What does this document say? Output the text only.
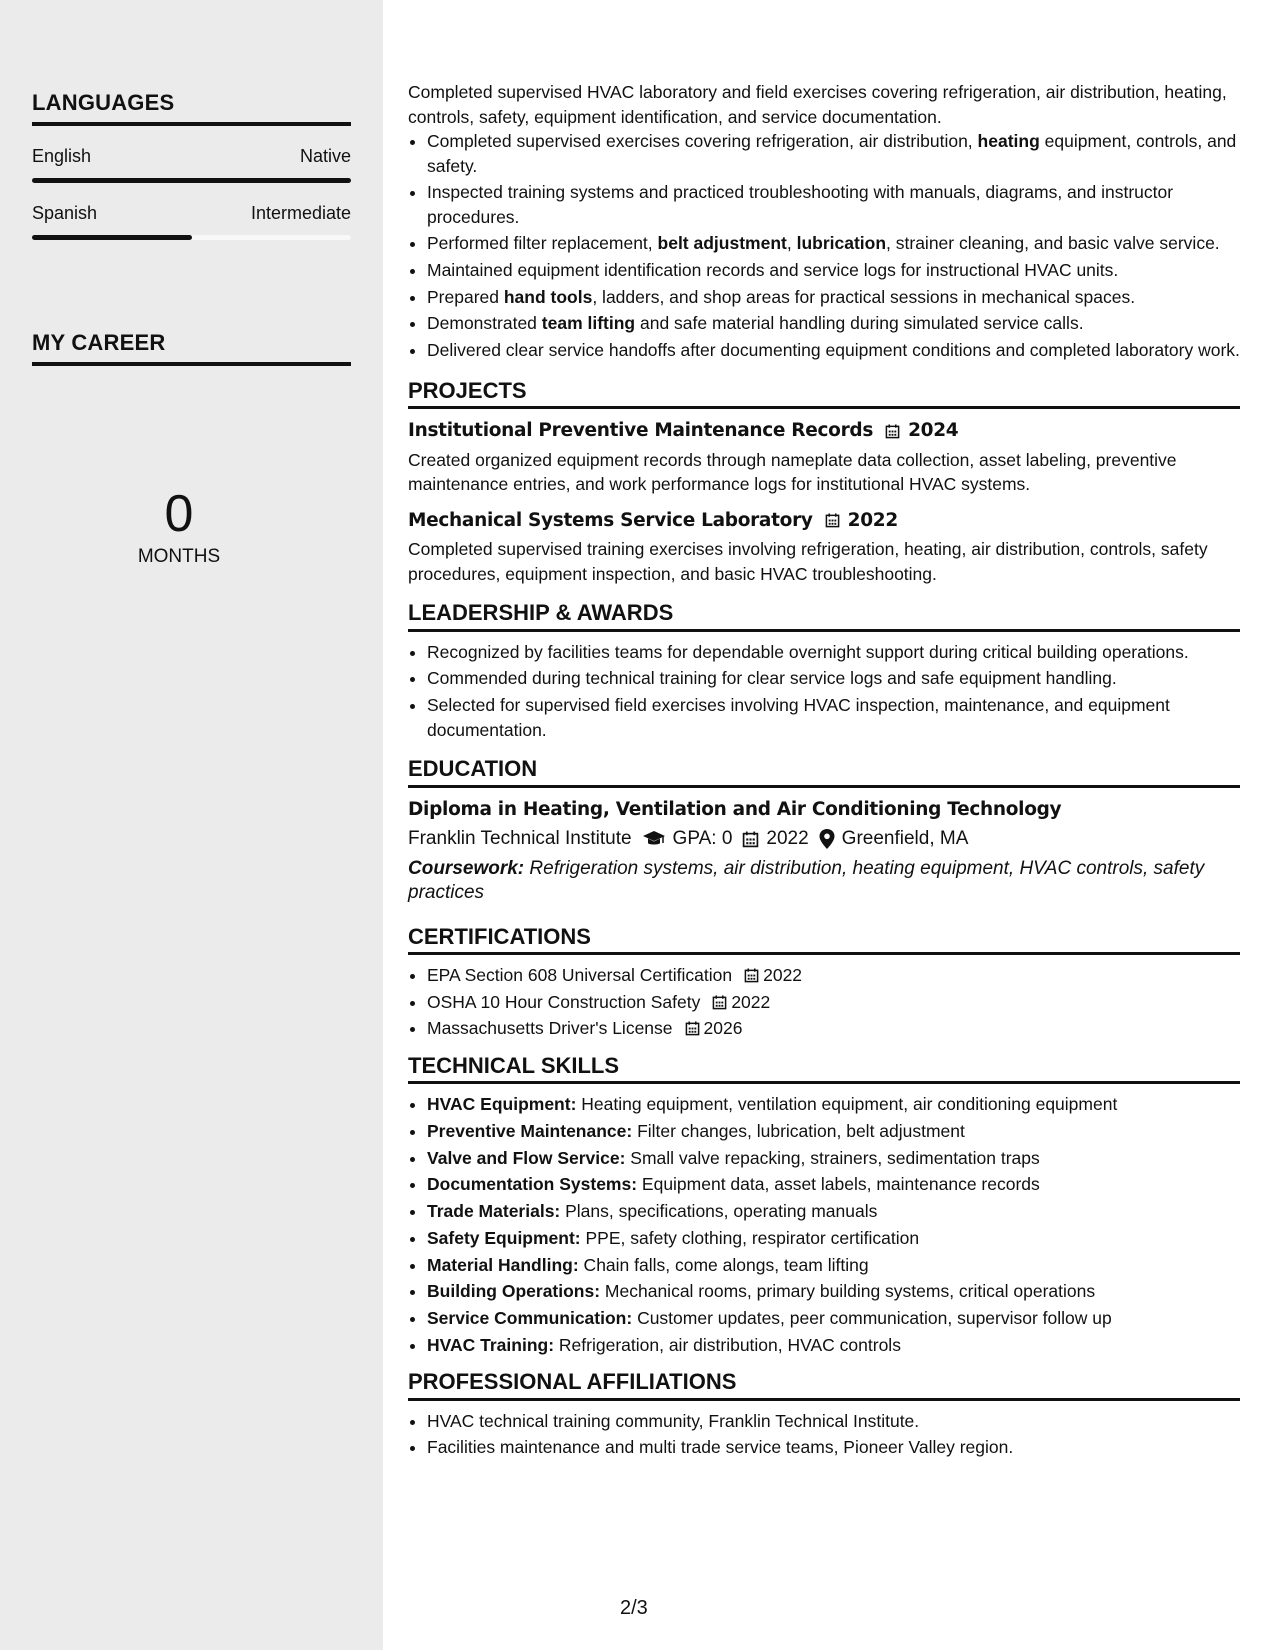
LANGUAGES
English	Native
Spanish	Intermediate
MY CAREER
0
MONTHS

Completed supervised HVAC laboratory and field exercises covering refrigeration, air distribution, heating, controls, safety, equipment identification, and service documentation.

• Completed supervised exercises covering refrigeration, air distribution, heating equipment, controls, and safety.
• Inspected training systems and practiced troubleshooting with manuals, diagrams, and instructor procedures.
• Performed filter replacement, belt adjustment, lubrication, strainer cleaning, and basic valve service.
• Maintained equipment identification records and service logs for instructional HVAC units.
• Prepared hand tools, ladders, and shop areas for practical sessions in mechanical spaces.
• Demonstrated team lifting and safe material handling during simulated service calls.
• Delivered clear service handoffs after documenting equipment conditions and completed laboratory work.
PROJECTS
Institutional Preventive Maintenance Records 2024

Created organized equipment records through nameplate data collection, asset labeling, preventive maintenance entries, and work performance logs for institutional HVAC systems.

Mechanical Systems Service Laboratory 2022

Completed supervised training exercises involving refrigeration, heating, air distribution, controls, safety procedures, equipment inspection, and basic HVAC troubleshooting.

LEADERSHIP & AWARDS
• Recognized by facilities teams for dependable overnight support during critical building operations.
• Commended during technical training for clear service logs and safe equipment handling.
• Selected for supervised field exercises involving HVAC inspection, maintenance, and equipment documentation.
EDUCATION
Diploma in Heating, Ventilation and Air Conditioning Technology
Franklin Technical Institute GPA: 0 2022 Greenfield, MA
Coursework: Refrigeration systems, air distribution, heating equipment, HVAC controls, safety practices
CERTIFICATIONS
• EPA Section 608 Universal Certification 2022
• OSHA 10 Hour Construction Safety 2022
• Massachusetts Driver's License 2026
TECHNICAL SKILLS
• HVAC Equipment: Heating equipment, ventilation equipment, air conditioning equipment
• Preventive Maintenance: Filter changes, lubrication, belt adjustment
• Valve and Flow Service: Small valve repacking, strainers, sedimentation traps
• Documentation Systems: Equipment data, asset labels, maintenance records
• Trade Materials: Plans, specifications, operating manuals
• Safety Equipment: PPE, safety clothing, respirator certification
• Material Handling: Chain falls, come alongs, team lifting
• Building Operations: Mechanical rooms, primary building systems, critical operations
• Service Communication: Customer updates, peer communication, supervisor follow up
• HVAC Training: Refrigeration, air distribution, HVAC controls
PROFESSIONAL AFFILIATIONS
• HVAC technical training community, Franklin Technical Institute.
• Facilities maintenance and multi trade service teams, Pioneer Valley region.
2/3
